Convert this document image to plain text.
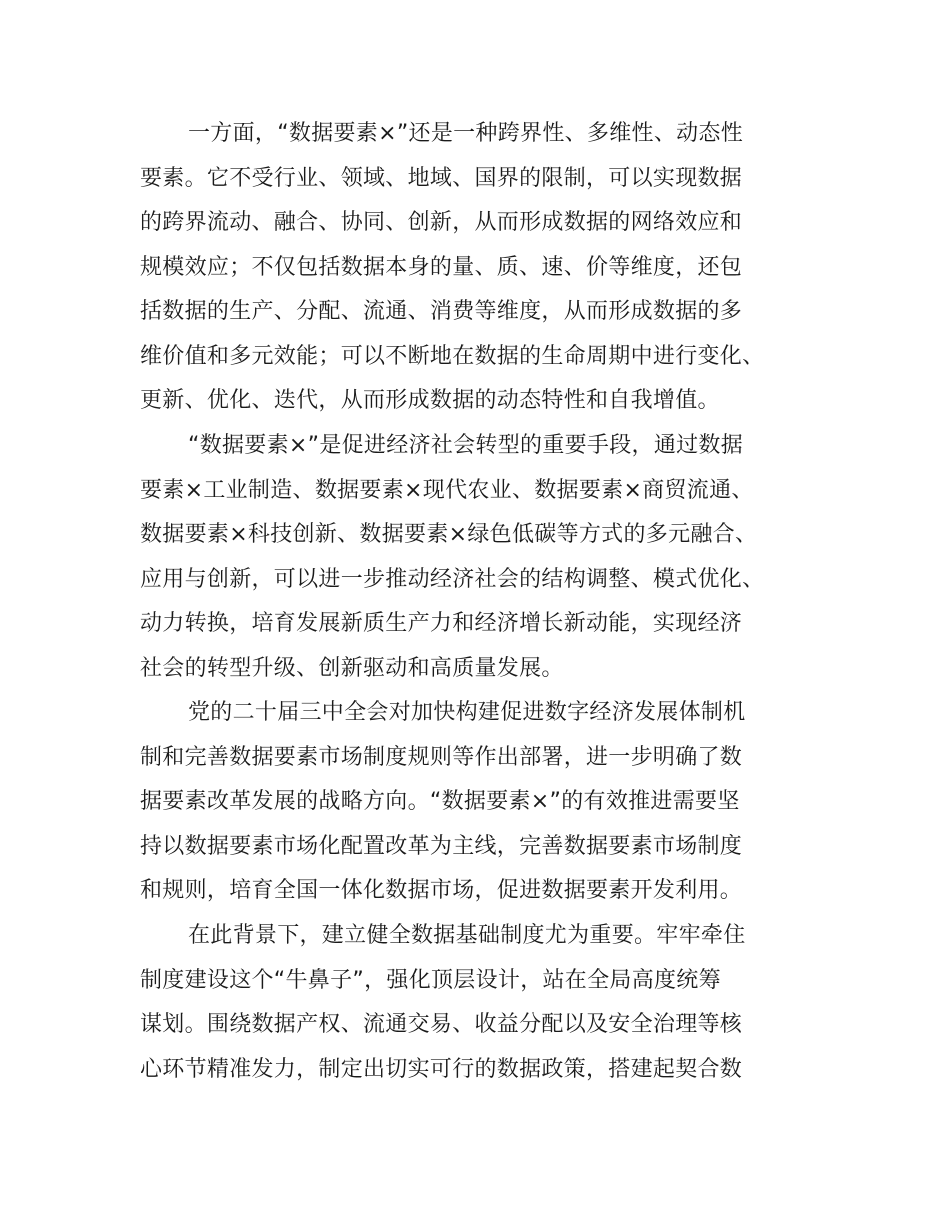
一方面，“数据要素×”还是一种跨界性、多维性、动态性
要素。它不受行业、领域、地域、国界的限制，可以实现数据
的跨界流动、融合、协同、创新，从而形成数据的网络效应和
规模效应；不仅包括数据本身的量、质、速、价等维度，还包
括数据的生产、分配、流通、消费等维度，从而形成数据的多
维价值和多元效能；可以不断地在数据的生命周期中进行变化、
更新、优化、迭代，从而形成数据的动态特性和自我增值。
“数据要素×”是促进经济社会转型的重要手段，通过数据
要素×工业制造、数据要素×现代农业、数据要素×商贸流通、
数据要素×科技创新、数据要素×绿色低碳等方式的多元融合、
应用与创新，可以进一步推动经济社会的结构调整、模式优化、
动力转换，培育发展新质生产力和经济增长新动能，实现经济
社会的转型升级、创新驱动和高质量发展。
党的二十届三中全会对加快构建促进数字经济发展体制机
制和完善数据要素市场制度规则等作出部署，进一步明确了数
据要素改革发展的战略方向。“数据要素×”的有效推进需要坚
持以数据要素市场化配置改革为主线，完善数据要素市场制度
和规则，培育全国一体化数据市场，促进数据要素开发利用。
在此背景下，建立健全数据基础制度尤为重要。牢牢牵住
制度建设这个“牛鼻子”，强化顶层设计，站在全局高度统筹
谋划。围绕数据产权、流通交易、收益分配以及安全治理等核
心环节精准发力，制定出切实可行的数据政策，搭建起契合数
